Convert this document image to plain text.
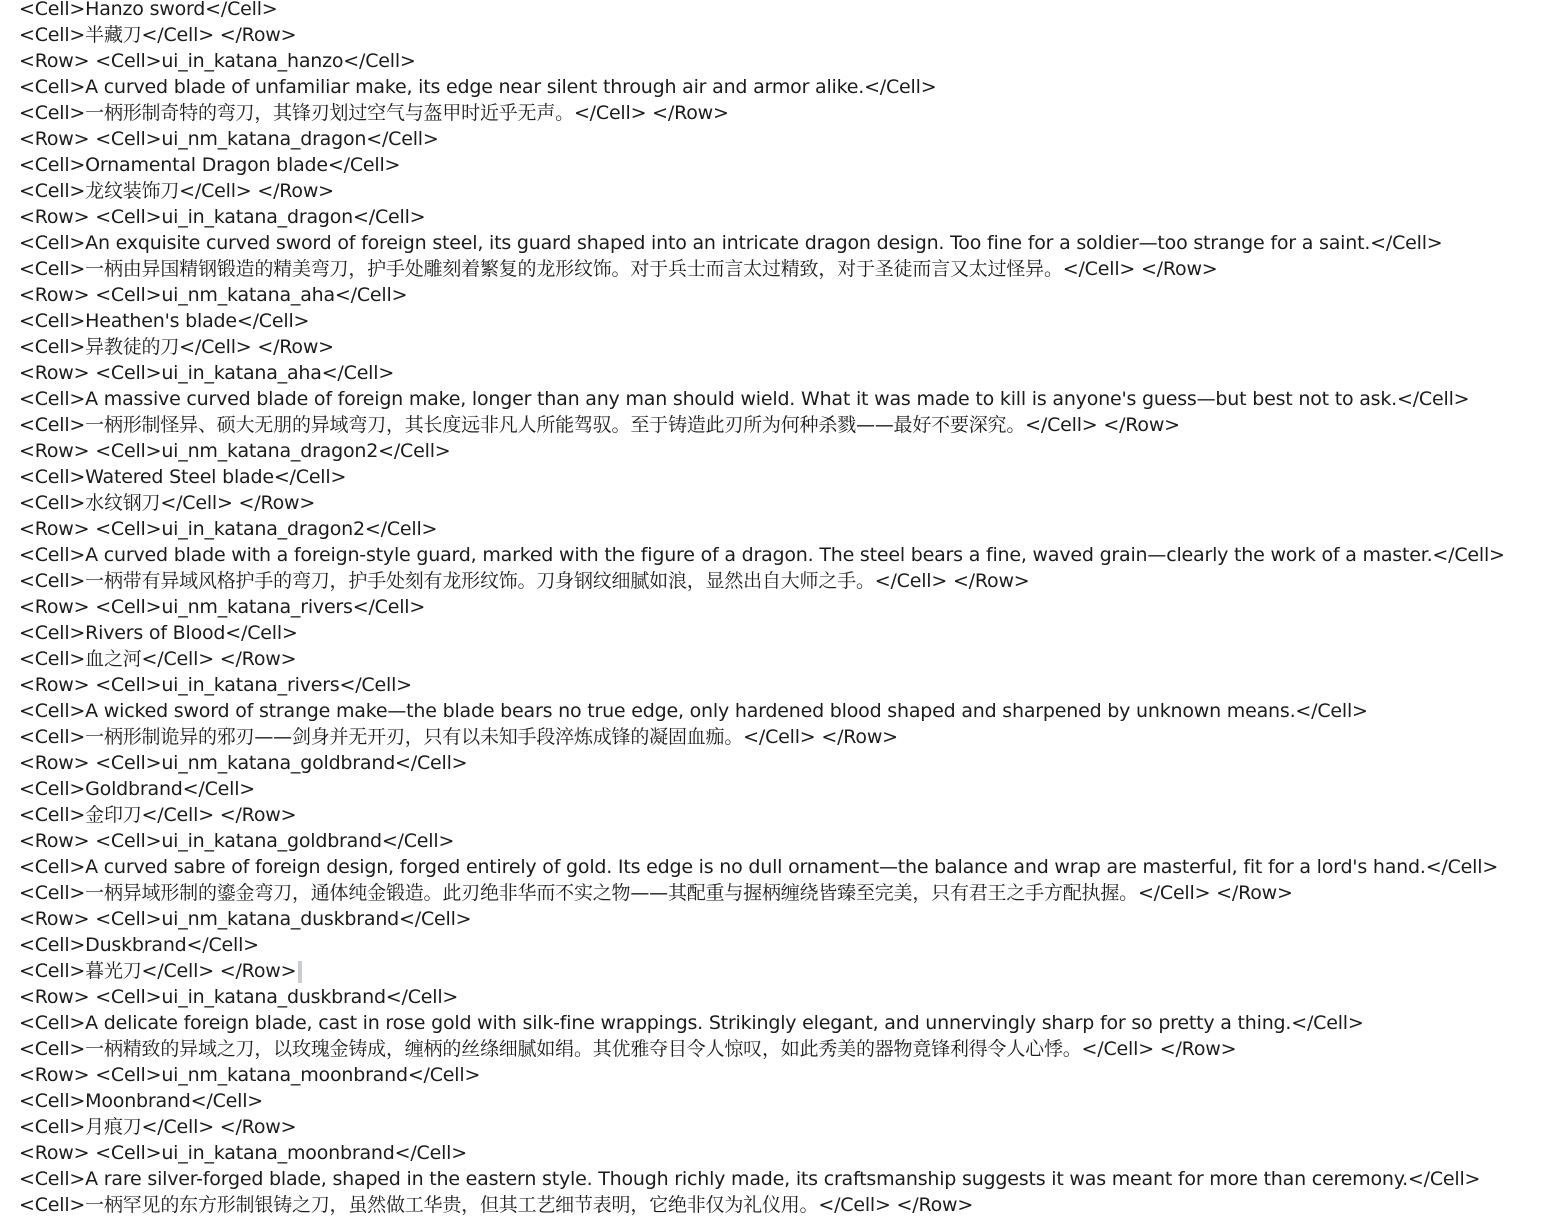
<Cell>Hanzo sword</Cell>
<Cell>半藏刀</Cell> </Row>
<Row> <Cell>ui_in_katana_hanzo</Cell>
<Cell>A curved blade of unfamiliar make, its edge near silent through air and armor alike.</Cell>
<Cell>一柄形制奇特的弯刀，其锋刃划过空气与盔甲时近乎无声。</Cell> </Row>
<Row> <Cell>ui_nm_katana_dragon</Cell>
<Cell>Ornamental Dragon blade</Cell>
<Cell>龙纹装饰刀</Cell> </Row>
<Row> <Cell>ui_in_katana_dragon</Cell>
<Cell>An exquisite curved sword of foreign steel, its guard shaped into an intricate dragon design. Too fine for a soldier—too strange for a saint.</Cell>
<Cell>一柄由异国精钢锻造的精美弯刀，护手处雕刻着繁复的龙形纹饰。对于兵士而言太过精致，对于圣徒而言又太过怪异。</Cell> </Row>
<Row> <Cell>ui_nm_katana_aha</Cell>
<Cell>Heathen's blade</Cell>
<Cell>异教徒的刀</Cell> </Row>
<Row> <Cell>ui_in_katana_aha</Cell>
<Cell>A massive curved blade of foreign make, longer than any man should wield. What it was made to kill is anyone's guess—but best not to ask.</Cell>
<Cell>一柄形制怪异、硕大无朋的异域弯刀，其长度远非凡人所能驾驭。至于铸造此刃所为何种杀戮——最好不要深究。</Cell> </Row>
<Row> <Cell>ui_nm_katana_dragon2</Cell>
<Cell>Watered Steel blade</Cell>
<Cell>水纹钢刀</Cell> </Row>
<Row> <Cell>ui_in_katana_dragon2</Cell>
<Cell>A curved blade with a foreign-style guard, marked with the figure of a dragon. The steel bears a fine, waved grain—clearly the work of a master.</Cell>
<Cell>一柄带有异域风格护手的弯刀，护手处刻有龙形纹饰。刀身钢纹细腻如浪，显然出自大师之手。</Cell> </Row>
<Row> <Cell>ui_nm_katana_rivers</Cell>
<Cell>Rivers of Blood</Cell>
<Cell>血之河</Cell> </Row>
<Row> <Cell>ui_in_katana_rivers</Cell>
<Cell>A wicked sword of strange make—the blade bears no true edge, only hardened blood shaped and sharpened by unknown means.</Cell>
<Cell>一柄形制诡异的邪刃——剑身并无开刃，只有以未知手段淬炼成锋的凝固血痂。</Cell> </Row>
<Row> <Cell>ui_nm_katana_goldbrand</Cell>
<Cell>Goldbrand</Cell>
<Cell>金印刀</Cell> </Row>
<Row> <Cell>ui_in_katana_goldbrand</Cell>
<Cell>A curved sabre of foreign design, forged entirely of gold. Its edge is no dull ornament—the balance and wrap are masterful, fit for a lord's hand.</Cell>
<Cell>一柄异域形制的鎏金弯刀，通体纯金锻造。此刃绝非华而不实之物——其配重与握柄缠绕皆臻至完美，只有君王之手方配执握。</Cell> </Row>
<Row> <Cell>ui_nm_katana_duskbrand</Cell>
<Cell>Duskbrand</Cell>
<Cell>暮光刀</Cell> </Row>
<Row> <Cell>ui_in_katana_duskbrand</Cell>
<Cell>A delicate foreign blade, cast in rose gold with silk-fine wrappings. Strikingly elegant, and unnervingly sharp for so pretty a thing.</Cell>
<Cell>一柄精致的异域之刀，以玫瑰金铸成，缠柄的丝绦细腻如绢。其优雅夺目令人惊叹，如此秀美的器物竟锋利得令人心悸。</Cell> </Row>
<Row> <Cell>ui_nm_katana_moonbrand</Cell>
<Cell>Moonbrand</Cell>
<Cell>月痕刀</Cell> </Row>
<Row> <Cell>ui_in_katana_moonbrand</Cell>
<Cell>A rare silver-forged blade, shaped in the eastern style. Though richly made, its craftsmanship suggests it was meant for more than ceremony.</Cell>
<Cell>一柄罕见的东方形制银铸之刀，虽然做工华贵，但其工艺细节表明，它绝非仅为礼仪用。</Cell> </Row>
